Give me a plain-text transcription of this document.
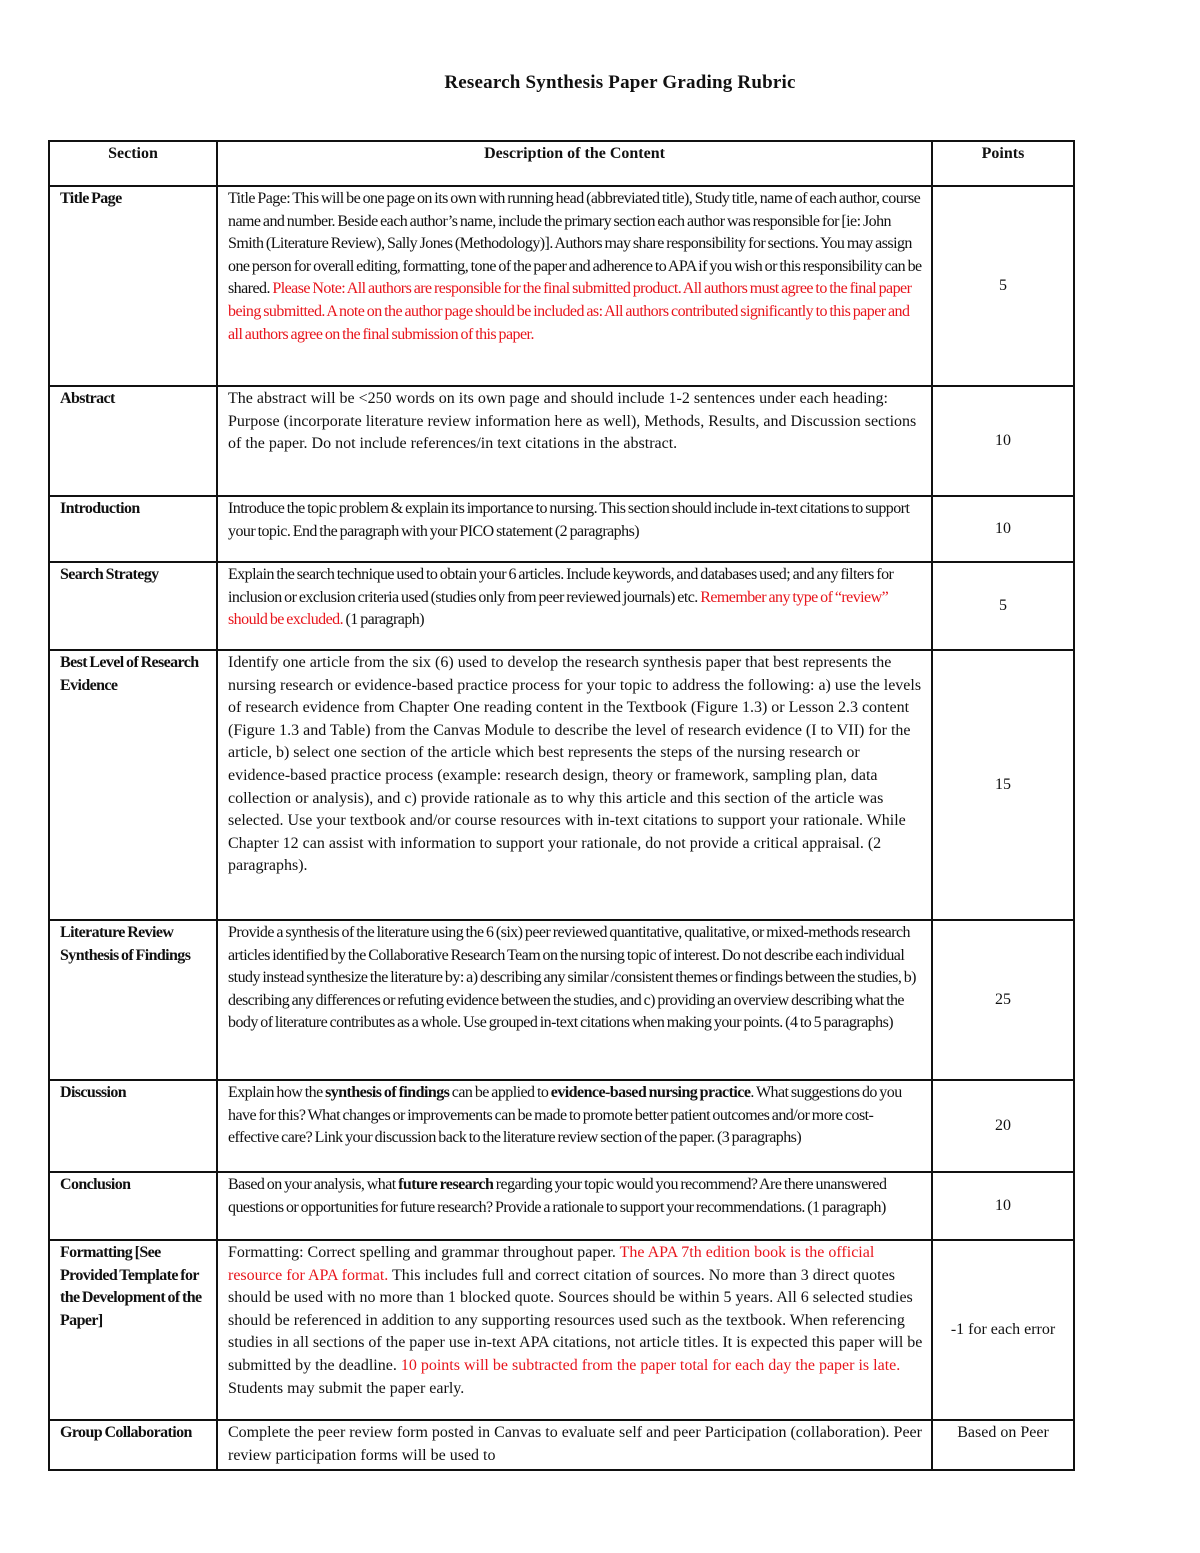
Research Synthesis Paper Grading Rubric
Section	Description of the Content	Points
Title Page	Title Page: This will be one page on its own with running head (abbreviated title), Study title, name of each author, course name and number. Beside each author’s name, include the primary section each author was responsible for [ie: John Smith (Literature Review), Sally Jones (Methodology)]. Authors may share responsibility for sections. You may assign one person for overall editing, formatting, tone of the paper and adherence to APA if you wish or this responsibility can be shared. Please Note: All authors are responsible for the final submitted product. All authors must agree to the final paper being submitted. A note on the author page should be included as: All authors contributed significantly to this paper and all authors agree on the final submission of this paper.	5
Abstract	The abstract will be <250 words on its own page and should include 1-2 sentences under each heading: Purpose (incorporate literature review information here as well), Methods, Results, and Discussion sections of the paper. Do not include references/in text citations in the abstract.	10
Introduction	Introduce the topic problem & explain its importance to nursing. This section should include in-text citations to support your topic. End the paragraph with your PICO statement (2 paragraphs)	10
Search Strategy	Explain the search technique used to obtain your 6 articles. Include keywords, and databases used; and any filters for inclusion or exclusion criteria used (studies only from peer reviewed journals) etc. Remember any type of “review” should be excluded. (1 paragraph)	5
Best Level of Research Evidence	Identify one article from the six (6) used to develop the research synthesis paper that best represents the nursing research or evidence-based practice process for your topic to address the following: a) use the levels of research evidence from Chapter One reading content in the Textbook (Figure 1.3) or Lesson 2.3 content (Figure 1.3 and Table) from the Canvas Module to describe the level of research evidence (I to VII) for the article, b) select one section of the article which best represents the steps of the nursing research or evidence-based practice process (example: research design, theory or framework, sampling plan, data collection or analysis), and c) provide rationale as to why this article and this section of the article was selected. Use your textbook and/or course resources with in-text citations to support your rationale. While Chapter 12 can assist with information to support your rationale, do not provide a critical appraisal. (2 paragraphs).	15
Literature Review Synthesis of Findings	Provide a synthesis of the literature using the 6 (six) peer reviewed quantitative, qualitative, or mixed-methods research articles identified by the Collaborative Research Team on the nursing topic of interest. Do not describe each individual study instead synthesize the literature by: a) describing any similar /consistent themes or findings between the studies, b) describing any differences or refuting evidence between the studies, and c) providing an overview describing what the body of literature contributes as a whole. Use grouped in-text citations when making your points. (4 to 5 paragraphs)	25
Discussion	Explain how the synthesis of findings can be applied to evidence-based nursing practice. What suggestions do you have for this? What changes or improvements can be made to promote better patient outcomes and/or more cost-effective care? Link your discussion back to the literature review section of the paper. (3 paragraphs)	20
Conclusion	Based on your analysis, what future research regarding your topic would you recommend? Are there unanswered questions or opportunities for future research? Provide a rationale to support your recommendations. (1 paragraph)	10
Formatting [See Provided Template for the Development of the Paper]	Formatting: Correct spelling and grammar throughout paper. The APA 7th edition book is the official resource for APA format. This includes full and correct citation of sources. No more than 3 direct quotes should be used with no more than 1 blocked quote. Sources should be within 5 years. All 6 selected studies should be referenced in addition to any supporting resources used such as the textbook. When referencing studies in all sections of the paper use in-text APA citations, not article titles. It is expected this paper will be submitted by the deadline. 10 points will be subtracted from the paper total for each day the paper is late. Students may submit the paper early.	-1 for each error
Group Collaboration	Complete the peer review form posted in Canvas to evaluate self and peer Participation (collaboration). Peer review participation forms will be used to	Based on Peer
